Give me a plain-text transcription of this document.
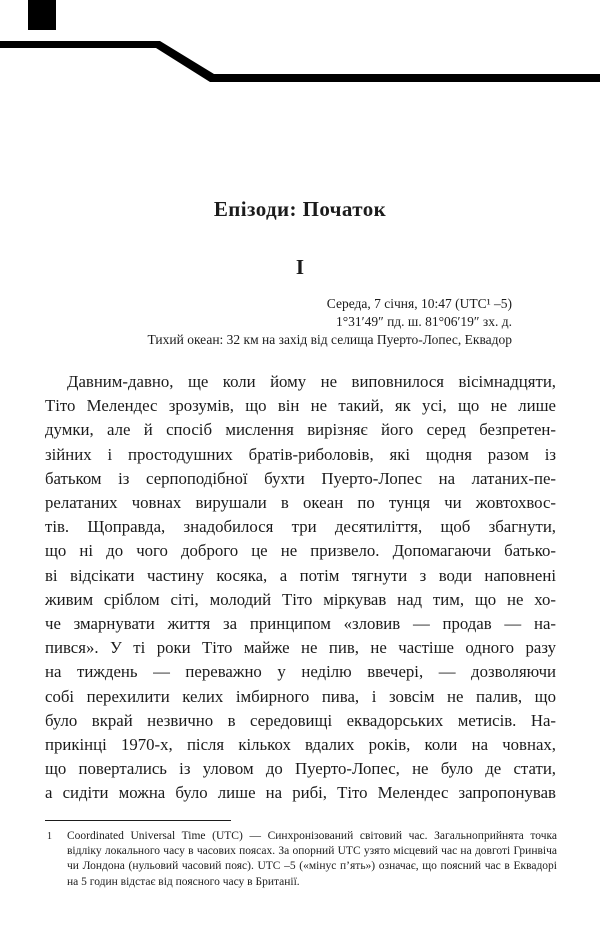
Епізоди: Початок
I
Середа, 7 січня, 10:47 (UTC¹ –5)
1°31′49″ пд. ш. 81°06′19″ зх. д.
Тихий океан: 32 км на захід від селища Пуерто-Лопес, Еквадор
Давним-давно, ще коли йому не виповнилося вісімнадцяти,
Тіто Мелендес зрозумів, що він не такий, як усі, що не лише
думки, але й спосіб мислення вирізняє його серед безпретен-
зійних і простодушних братів-риболовів, які щодня разом із
батьком із серпоподібної бухти Пуерто-Лопес на латаних-пе-
релатаних човнах вирушали в океан по тунця чи жовтохвос-
тів. Щоправда, знадобилося три десятиліття, щоб збагнути,
що ні до чого доброго це не призвело. Допомагаючи батько-
ві відсікати частину косяка, а потім тягнути з води наповнені
живим сріблом сіті, молодий Тіто міркував над тим, що не хо-
че змарнувати життя за принципом «зловив — продав — на-
пився». У ті роки Тіто майже не пив, не частіше одного разу
на тиждень — переважно у неділю ввечері, — дозволяючи
собі перехилити келих імбирного пива, і зовсім не палив, що
було вкрай незвично в середовищі еквадорських метисів. На-
прикінці 1970-х, після кількох вдалих років, коли на човнах,
що повертались із уловом до Пуерто-Лопес, не було де стати,
а сидіти можна було лише на рибі, Тіто Мелендес запропонував
1 Coordinated Universal Time (UTC) — Синхронізований світовий час. Загальноприйнята точка відліку локального часу в часових поясах. За опорний UTC узято місцевий час на довготі Гринвіча чи Лондона (нульовий часовий пояс). UTC –5 («мінус п’ять») означає, що поясний час в Еквадорі на 5 годин відстає від поясного часу в Британії.
